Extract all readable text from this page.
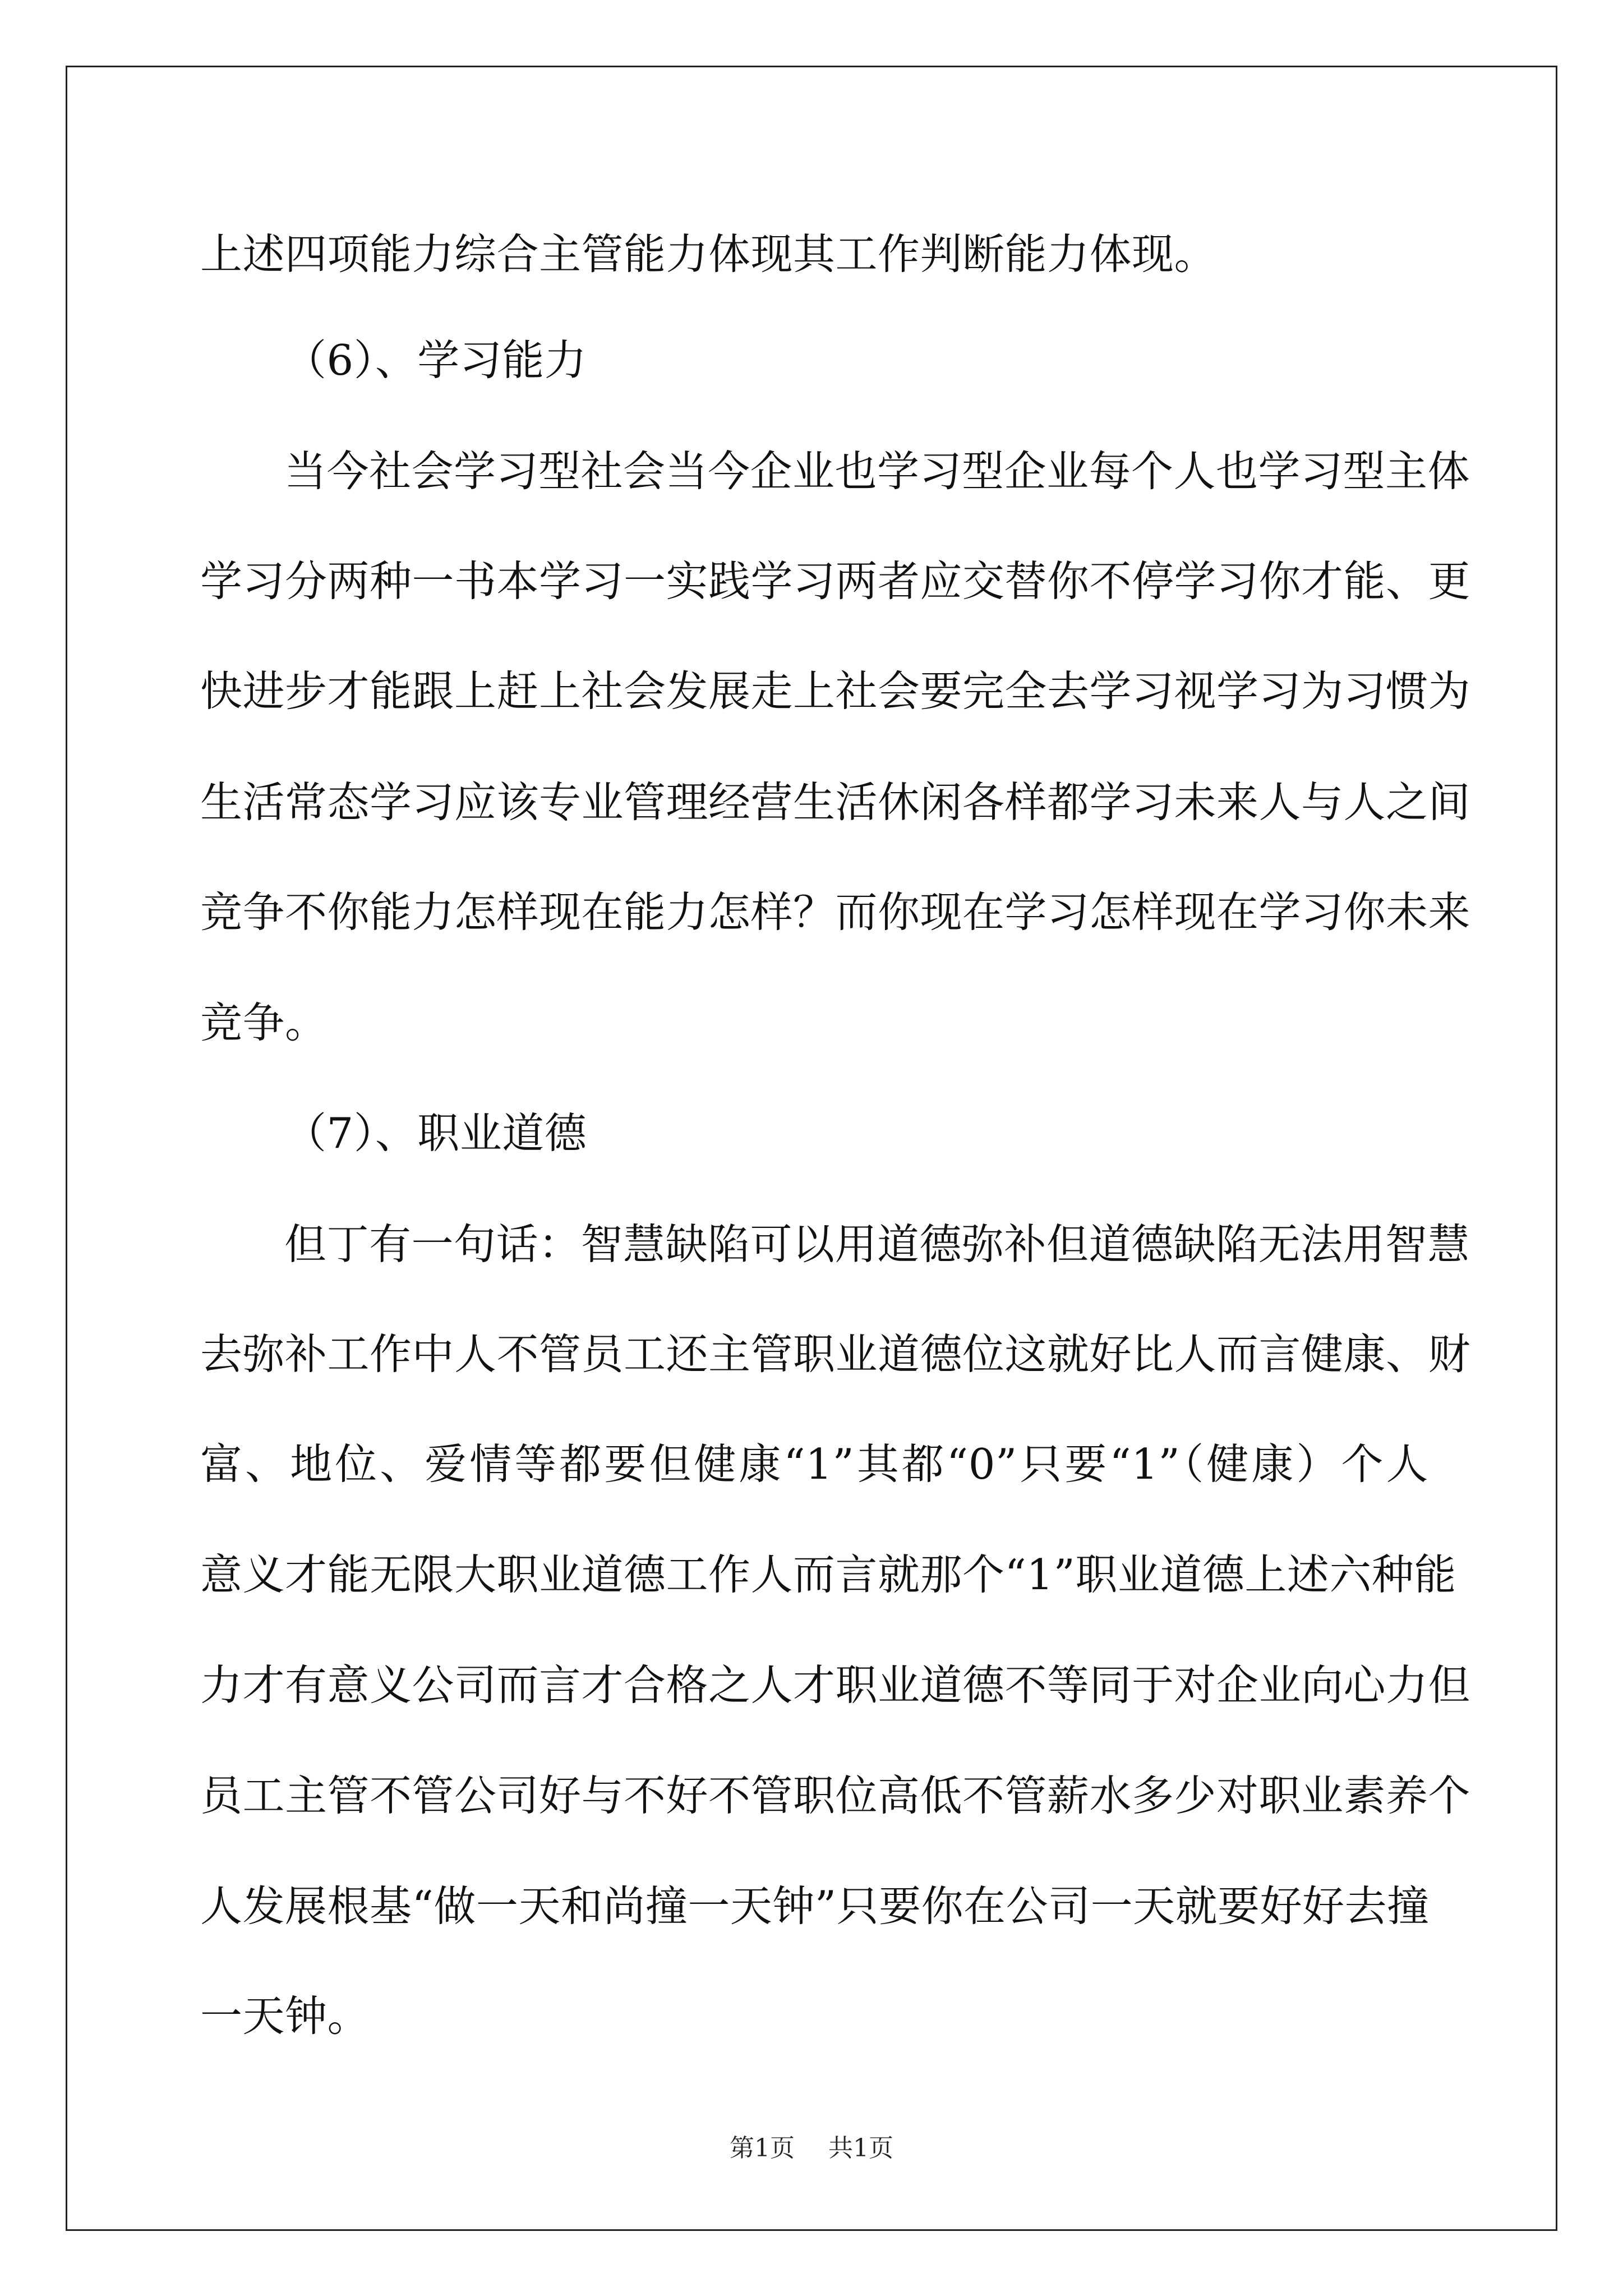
上述四项能力综合主管能力体现其工作判断能力体现。
（6）、学习能力
当今社会学习型社会当今企业也学习型企业每个人也学习型主体
学习分两种一书本学习一实践学习两者应交替你不停学习你才能、更
快进步才能跟上赶上社会发展走上社会要完全去学习视学习为习惯为
生活常态学习应该专业管理经营生活休闲各样都学习未来人与人之间
竞争不你能力怎样现在能力怎样？而你现在学习怎样现在学习你未来
竞争。
（7）、职业道德
但丁有一句话：智慧缺陷可以用道德弥补但道德缺陷无法用智慧
去弥补工作中人不管员工还主管职业道德位这就好比人而言健康、财
富、地位、爱情等都要但健康“1”其都“0”只要“1”（健康）个人
意义才能无限大职业道德工作人而言就那个“1”职业道德上述六种能
力才有意义公司而言才合格之人才职业道德不等同于对企业向心力但
员工主管不管公司好与不好不管职位高低不管薪水多少对职业素养个
人发展根基“做一天和尚撞一天钟”只要你在公司一天就要好好去撞
一天钟。
第1页 共1页
